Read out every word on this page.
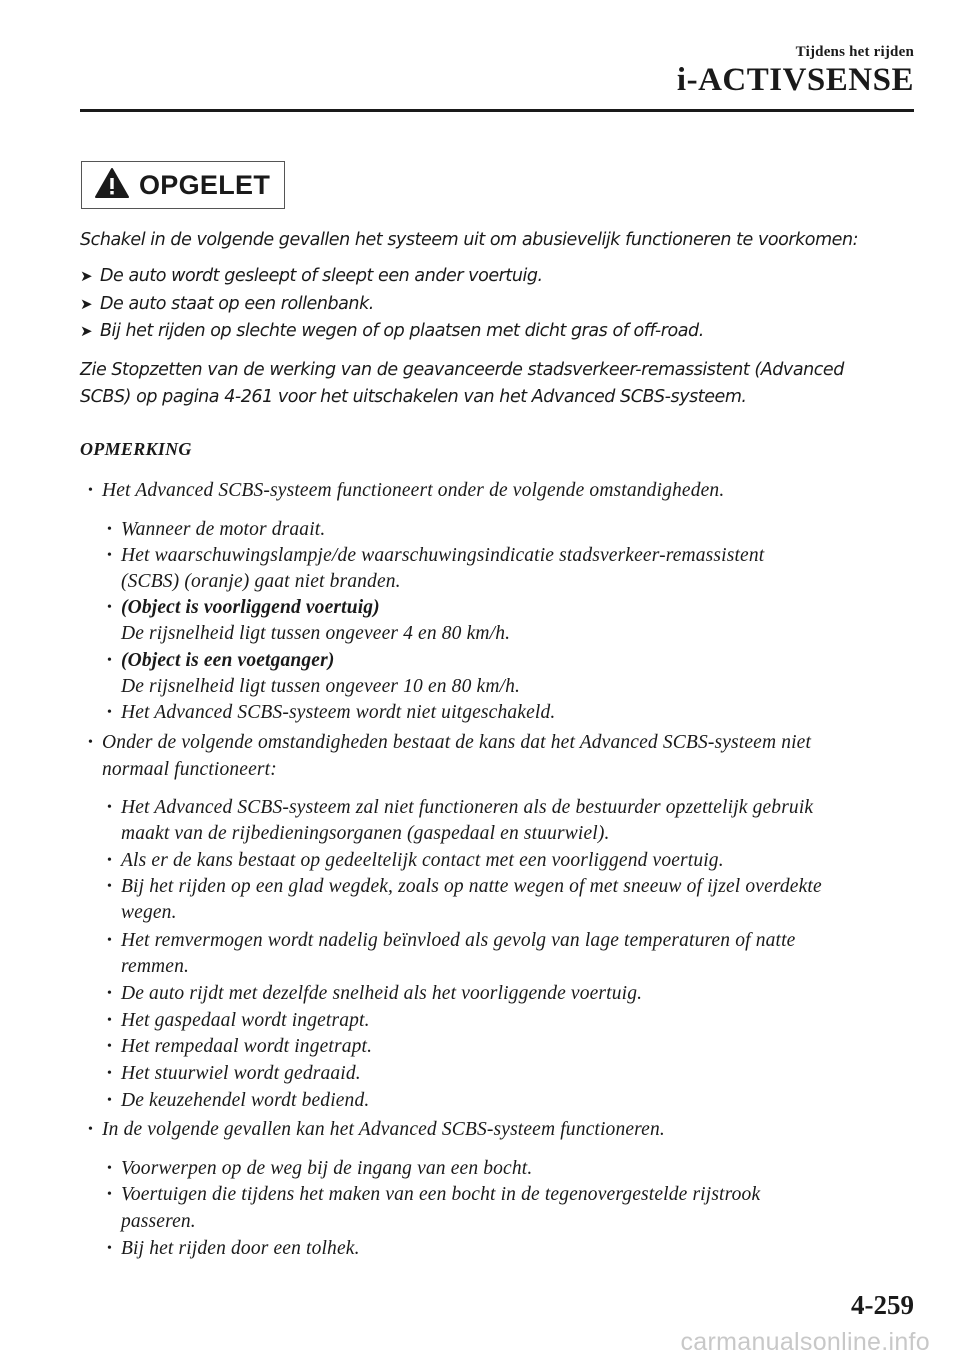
Tijdens het rijden
i-ACTIVSENSE
OPGELET
Schakel in de volgende gevallen het systeem uit om abusievelijk functioneren te voorkomen:
➤ De auto wordt gesleept of sleept een ander voertuig.
➤ De auto staat op een rollenbank.
➤ Bij het rijden op slechte wegen of op plaatsen met dicht gras of off-road.
Zie Stopzetten van de werking van de geavanceerde stadsverkeer-remassistent (Advanced
SCBS) op pagina 4-261 voor het uitschakelen van het Advanced SCBS-systeem.
OPMERKING
• Het Advanced SCBS-systeem functioneert onder de volgende omstandigheden.
• Wanneer de motor draait.
• Het waarschuwingslampje/de waarschuwingsindicatie stadsverkeer-remassistent
(SCBS) (oranje) gaat niet branden.
• (Object is voorliggend voertuig)
De rijsnelheid ligt tussen ongeveer 4 en 80 km/h.
• (Object is een voetganger)
De rijsnelheid ligt tussen ongeveer 10 en 80 km/h.
• Het Advanced SCBS-systeem wordt niet uitgeschakeld.
• Onder de volgende omstandigheden bestaat de kans dat het Advanced SCBS-systeem niet
normaal functioneert:
• Het Advanced SCBS-systeem zal niet functioneren als de bestuurder opzettelijk gebruik
maakt van de rijbedieningsorganen (gaspedaal en stuurwiel).
• Als er de kans bestaat op gedeeltelijk contact met een voorliggend voertuig.
• Bij het rijden op een glad wegdek, zoals op natte wegen of met sneeuw of ijzel overdekte
wegen.
• Het remvermogen wordt nadelig beïnvloed als gevolg van lage temperaturen of natte
remmen.
• De auto rijdt met dezelfde snelheid als het voorliggende voertuig.
• Het gaspedaal wordt ingetrapt.
• Het rempedaal wordt ingetrapt.
• Het stuurwiel wordt gedraaid.
• De keuzehendel wordt bediend.
• In de volgende gevallen kan het Advanced SCBS-systeem functioneren.
• Voorwerpen op de weg bij de ingang van een bocht.
• Voertuigen die tijdens het maken van een bocht in de tegenovergestelde rijstrook
passeren.
• Bij het rijden door een tolhek.
4-259
carmanualsonline.info
